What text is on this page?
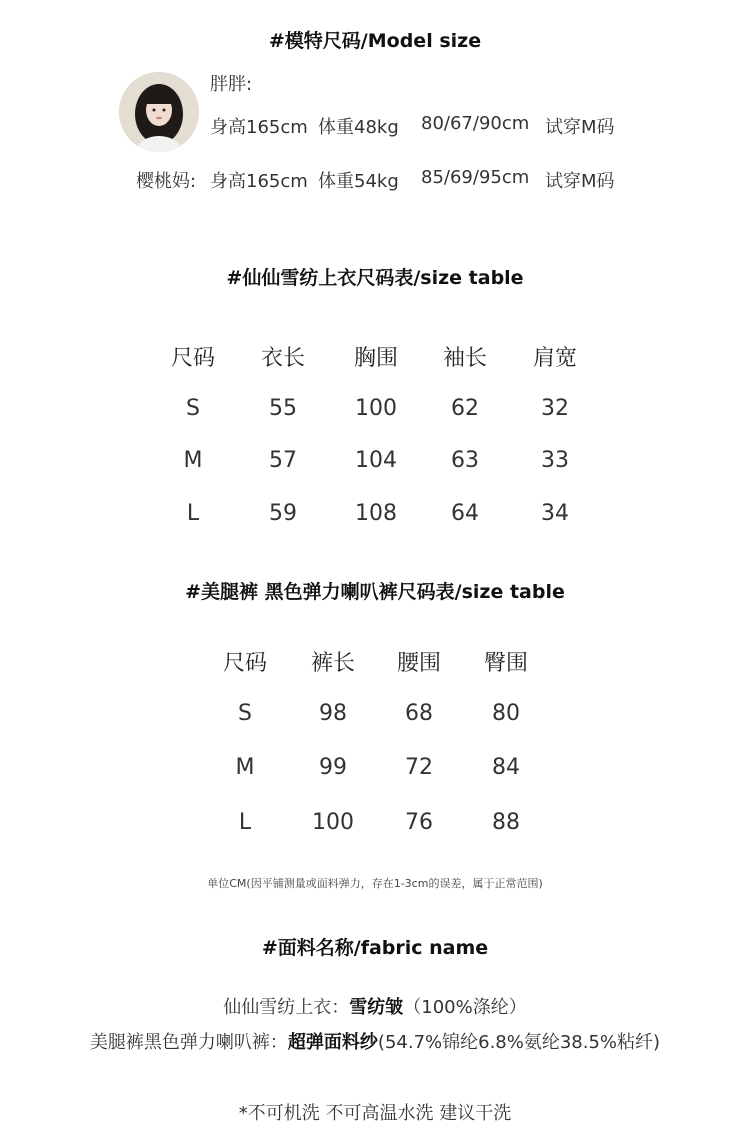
#模特尺码/Model size
胖胖:
身高165cm 体重48kg 80/67/90cm 试穿M码
樱桃妈: 身高165cm 体重54kg 85/69/95cm 试穿M码
#仙仙雪纺上衣尺码表/size table
尺码	衣长	胸围	袖长	肩宽
S	55	100	62	32
M	57	104	63	33
L	59	108	64	34
#美腿裤 黑色弹力喇叭裤尺码表/size table
尺码	裤长	腰围	臀围
S	98	68	80
M	99	72	84
L	100	76	88
单位CM(因平铺测量或面料弹力，存在1-3cm的误差，属于正常范围)
#面料名称/fabric name
仙仙雪纺上衣：雪纺皱（100%涤纶）
美腿裤黑色弹力喇叭裤：超弹面料纱(54.7%锦纶6.8%氨纶38.5%粘纤)
*不可机洗 不可高温水洗 建议干洗
